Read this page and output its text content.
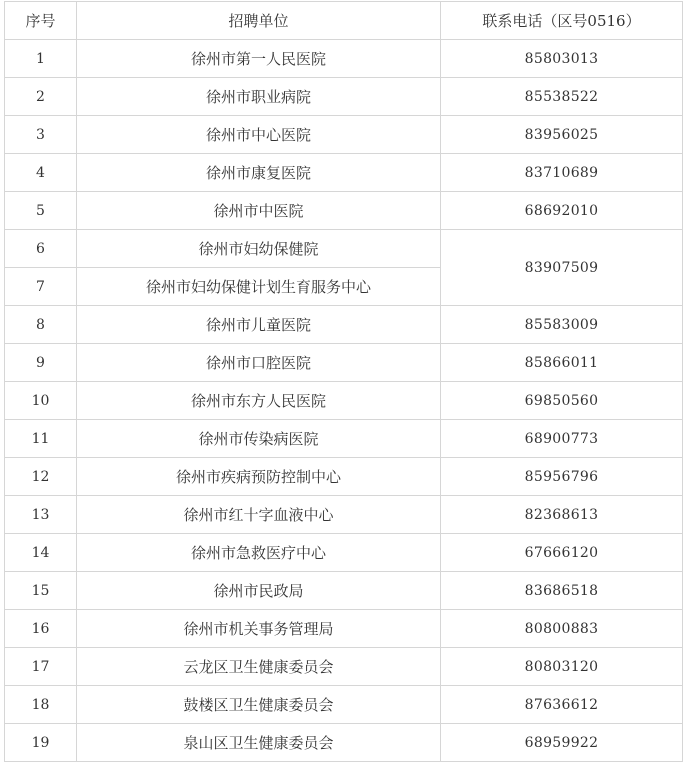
序号	招聘单位	联系电话（区号0516）
1	徐州市第一人民医院	85803013
2	徐州市职业病院	85538522
3	徐州市中心医院	83956025
4	徐州市康复医院	83710689
5	徐州市中医院	68692010
6	徐州市妇幼保健院	83907509
7	徐州市妇幼保健计划生育服务中心	
8	徐州市儿童医院	85583009
9	徐州市口腔医院	85866011
10	徐州市东方人民医院	69850560
11	徐州市传染病医院	68900773
12	徐州市疾病预防控制中心	85956796
13	徐州市红十字血液中心	82368613
14	徐州市急救医疗中心	67666120
15	徐州市民政局	83686518
16	徐州市机关事务管理局	80800883
17	云龙区卫生健康委员会	80803120
18	鼓楼区卫生健康委员会	87636612
19	泉山区卫生健康委员会	68959922
